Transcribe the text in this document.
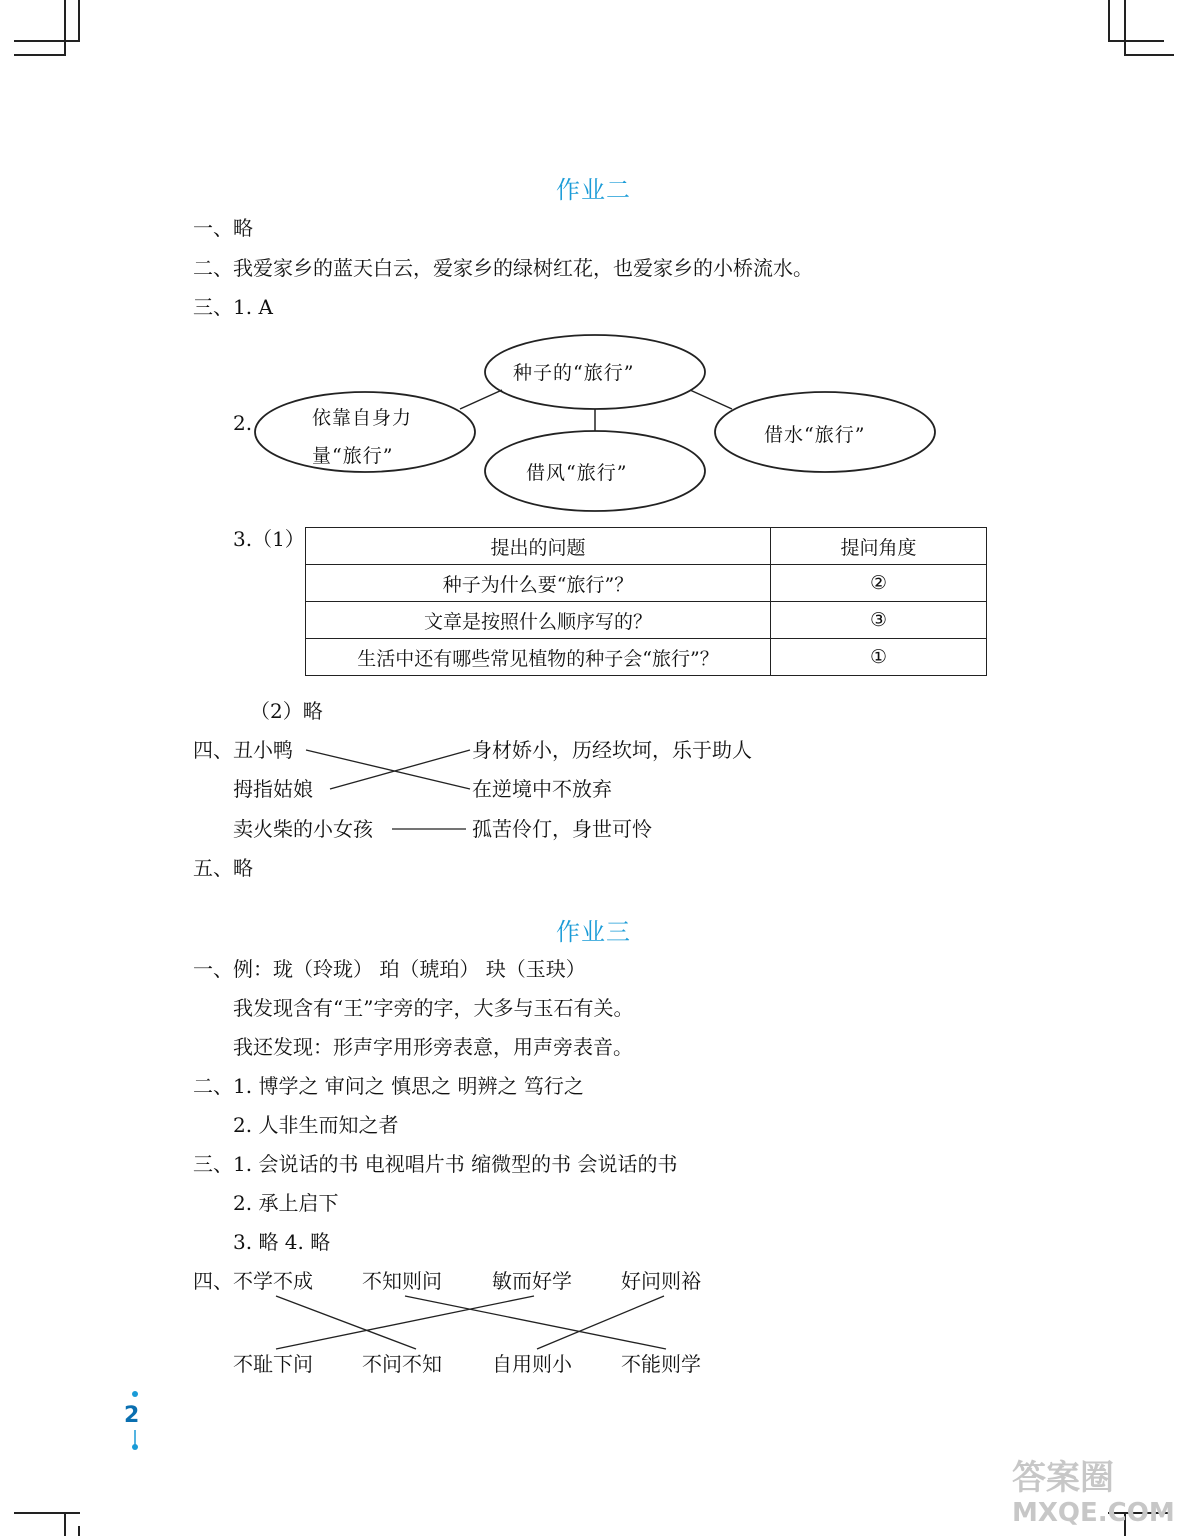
作业二
一、略
二、我爱家乡的蓝天白云，爱家乡的绿树红花，也爱家乡的小桥流水。
三、1. A
2.
种子的“旅行”
依靠自身力
量“旅行”
借风“旅行”
借水“旅行”
3.（1）	提出的问题	提问角度
种子为什么要“旅行”？	②
文章是按照什么顺序写的？	③
生活中还有哪些常见植物的种子会“旅行”？	①
（2）略
四、 丑小鸭
拇指姑娘
卖火柴的小女孩
身材娇小，历经坎坷，乐于助人
在逆境中不放弃
孤苦伶仃，身世可怜
五、略
作业三
一、例：珑（玲珑） 珀（琥珀） 玦（玉玦）
我发现含有“王”字旁的字，大多与玉石有关。
我还发现：形声字用形旁表意，用声旁表音。
二、1. 博学之 审问之 慎思之 明辨之 笃行之
2. 人非生而知之者
三、1. 会说话的书 电视唱片书 缩微型的书 会说话的书
2. 承上启下
3. 略 4. 略
四、 不学不成 不知则问	敏而好学 好问则裕
不耻下问 不问不知	自用则小 不能则学
2
答案圈
MXQE.COM
